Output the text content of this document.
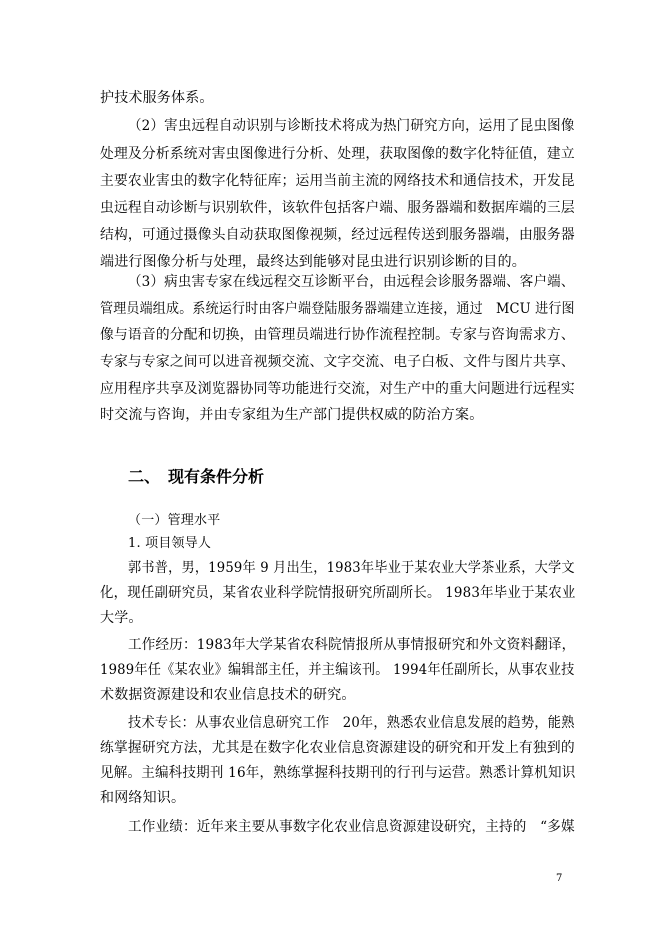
护技术服务体系。
（2）害虫远程自动识别与诊断技术将成为热门研究方向，运用了昆虫图像
处理及分析系统对害虫图像进行分析、处理，获取图像的数字化特征值，建立
主要农业害虫的数字化特征库；运用当前主流的网络技术和通信技术，开发昆
虫远程自动诊断与识别软件，该软件包括客户端、服务器端和数据库端的三层
结构，可通过摄像头自动获取图像视频，经过远程传送到服务器端，由服务器
端进行图像分析与处理，最终达到能够对昆虫进行识别诊断的目的。
（3）病虫害专家在线远程交互诊断平台，由远程会诊服务器端、客户端、
管理员端组成。系统运行时由客户端登陆服务器端建立连接，通过　MCU 进行图
像与语音的分配和切换，由管理员端进行协作流程控制。专家与咨询需求方、
专家与专家之间可以进音视频交流、文字交流、电子白板、文件与图片共享、
应用程序共享及浏览器协同等功能进行交流，对生产中的重大问题进行远程实
时交流与咨询，并由专家组为生产部门提供权威的防治方案。
二、　现有条件分析
（一）管理水平
1. 项目领导人
郭书普，男，1959年 9 月出生，1983年毕业于某农业大学茶业系，大学文
化，现任副研究员，某省农业科学院情报研究所副所长。 1983年毕业于某农业
大学。
工作经历：1983年大学某省农科院情报所从事情报研究和外文资料翻译，
1989年任《某农业》编辑部主任，并主编该刊。 1994年任副所长，从事农业技
术数据资源建设和农业信息技术的研究。
技术专长：从事农业信息研究工作　20年，熟悉农业信息发展的趋势，能熟
练掌握研究方法，尤其是在数字化农业信息资源建设的研究和开发上有独到的
见解。主编科技期刊 16年，熟练掌握科技期刊的行刊与运营。熟悉计算机知识
和网络知识。
工作业绩：近年来主要从事数字化农业信息资源建设研究，主持的　“多媒
7
